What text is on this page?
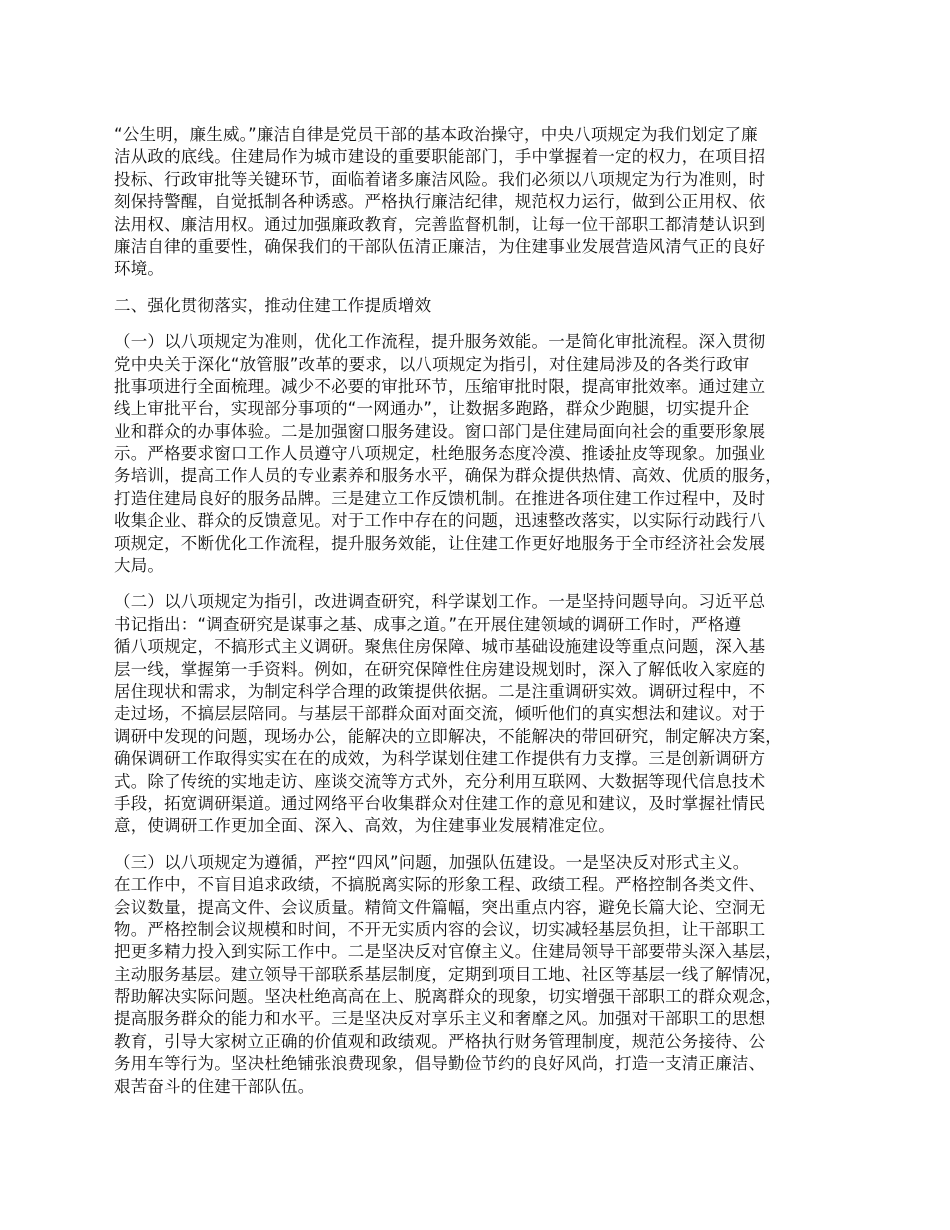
“公生明，廉生威。”廉洁自律是党员干部的基本政治操守，中央八项规定为我们划定了廉
洁从政的底线。住建局作为城市建设的重要职能部门，手中掌握着一定的权力，在项目招
投标、行政审批等关键环节，面临着诸多廉洁风险。我们必须以八项规定为行为准则，时
刻保持警醒，自觉抵制各种诱惑。严格执行廉洁纪律，规范权力运行，做到公正用权、依
法用权、廉洁用权。通过加强廉政教育，完善监督机制，让每一位干部职工都清楚认识到
廉洁自律的重要性，确保我们的干部队伍清正廉洁，为住建事业发展营造风清气正的良好
环境。
二、强化贯彻落实，推动住建工作提质增效
（一）以八项规定为准则，优化工作流程，提升服务效能。一是简化审批流程。深入贯彻
党中央关于深化“放管服”改革的要求，以八项规定为指引，对住建局涉及的各类行政审
批事项进行全面梳理。减少不必要的审批环节，压缩审批时限，提高审批效率。通过建立
线上审批平台，实现部分事项的“一网通办”，让数据多跑路，群众少跑腿，切实提升企
业和群众的办事体验。二是加强窗口服务建设。窗口部门是住建局面向社会的重要形象展
示。严格要求窗口工作人员遵守八项规定，杜绝服务态度冷漠、推诿扯皮等现象。加强业
务培训，提高工作人员的专业素养和服务水平，确保为群众提供热情、高效、优质的服务，
打造住建局良好的服务品牌。三是建立工作反馈机制。在推进各项住建工作过程中，及时
收集企业、群众的反馈意见。对于工作中存在的问题，迅速整改落实，以实际行动践行八
项规定，不断优化工作流程，提升服务效能，让住建工作更好地服务于全市经济社会发展
大局。
（二）以八项规定为指引，改进调查研究，科学谋划工作。一是坚持问题导向。习近平总
书记指出：“调查研究是谋事之基、成事之道。”在开展住建领域的调研工作时，严格遵
循八项规定，不搞形式主义调研。聚焦住房保障、城市基础设施建设等重点问题，深入基
层一线，掌握第一手资料。例如，在研究保障性住房建设规划时，深入了解低收入家庭的
居住现状和需求，为制定科学合理的政策提供依据。二是注重调研实效。调研过程中，不
走过场，不搞层层陪同。与基层干部群众面对面交流，倾听他们的真实想法和建议。对于
调研中发现的问题，现场办公，能解决的立即解决，不能解决的带回研究，制定解决方案，
确保调研工作取得实实在在的成效，为科学谋划住建工作提供有力支撑。三是创新调研方
式。除了传统的实地走访、座谈交流等方式外，充分利用互联网、大数据等现代信息技术
手段，拓宽调研渠道。通过网络平台收集群众对住建工作的意见和建议，及时掌握社情民
意，使调研工作更加全面、深入、高效，为住建事业发展精准定位。
（三）以八项规定为遵循，严控“四风”问题，加强队伍建设。一是坚决反对形式主义。
在工作中，不盲目追求政绩，不搞脱离实际的形象工程、政绩工程。严格控制各类文件、
会议数量，提高文件、会议质量。精简文件篇幅，突出重点内容，避免长篇大论、空洞无
物。严格控制会议规模和时间，不开无实质内容的会议，切实减轻基层负担，让干部职工
把更多精力投入到实际工作中。二是坚决反对官僚主义。住建局领导干部要带头深入基层，
主动服务基层。建立领导干部联系基层制度，定期到项目工地、社区等基层一线了解情况，
帮助解决实际问题。坚决杜绝高高在上、脱离群众的现象，切实增强干部职工的群众观念，
提高服务群众的能力和水平。三是坚决反对享乐主义和奢靡之风。加强对干部职工的思想
教育，引导大家树立正确的价值观和政绩观。严格执行财务管理制度，规范公务接待、公
务用车等行为。坚决杜绝铺张浪费现象，倡导勤俭节约的良好风尚，打造一支清正廉洁、
艰苦奋斗的住建干部队伍。
